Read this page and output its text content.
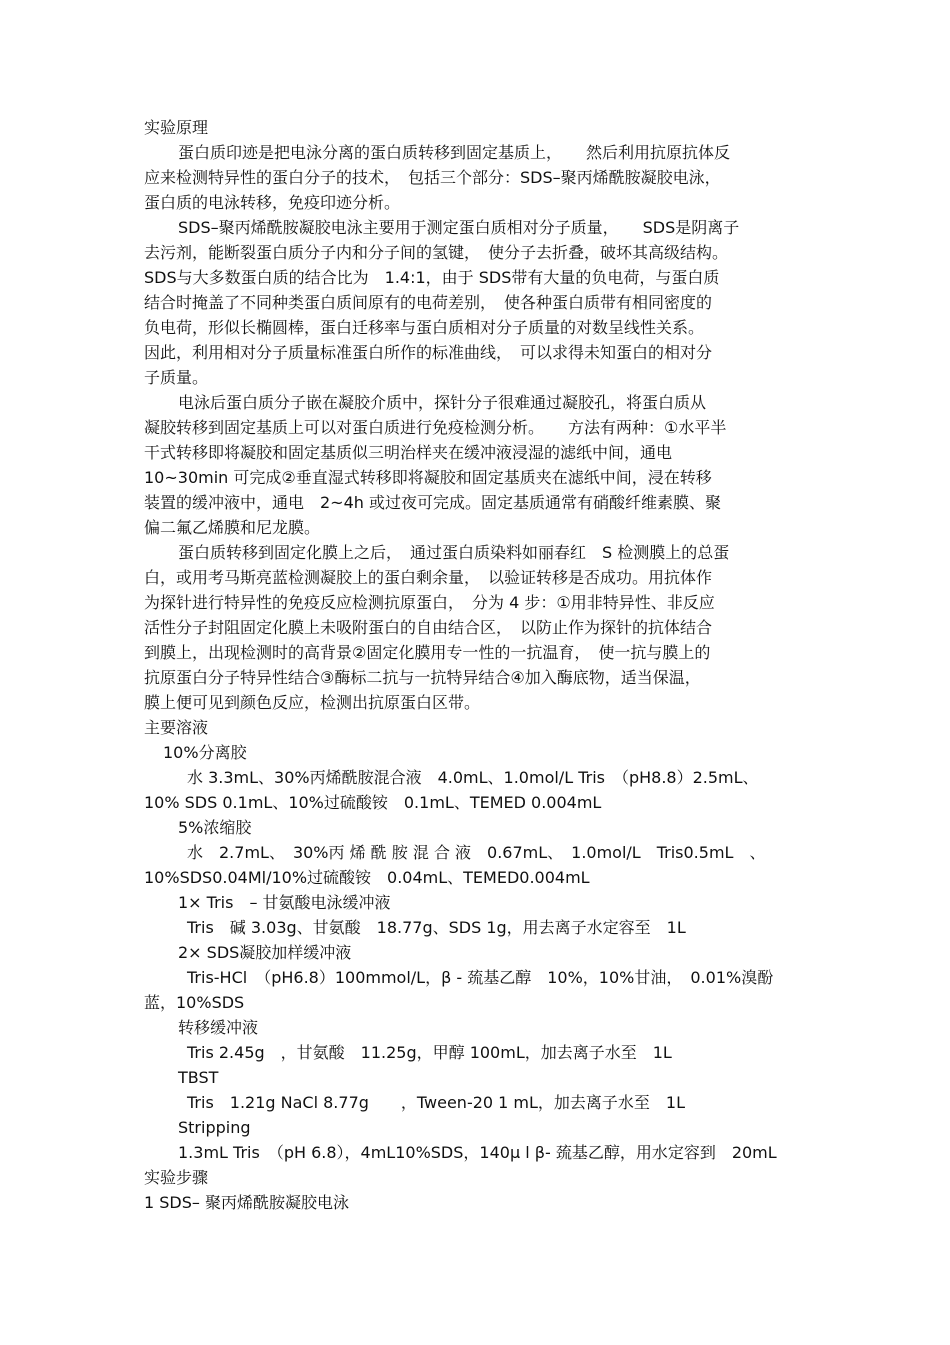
实验原理
蛋白质印迹是把电泳分离的蛋白质转移到固定基质上，　　然后利用抗原抗体反
应来检测特异性的蛋白分子的技术，　包括三个部分：SDS–聚丙烯酰胺凝胶电泳，
蛋白质的电泳转移，免疫印迹分析。
SDS–聚丙烯酰胺凝胶电泳主要用于测定蛋白质相对分子质量，　　SDS是阴离子
去污剂，能断裂蛋白质分子内和分子间的氢键，　使分子去折叠，破坏其高级结构。
SDS与大多数蛋白质的结合比为　1.4:1，由于 SDS带有大量的负电荷，与蛋白质
结合时掩盖了不同种类蛋白质间原有的电荷差别，　使各种蛋白质带有相同密度的
负电荷，形似长椭圆棒，蛋白迁移率与蛋白质相对分子质量的对数呈线性关系。
因此，利用相对分子质量标准蛋白所作的标准曲线，　可以求得未知蛋白的相对分
子质量。
电泳后蛋白质分子嵌在凝胶介质中，探针分子很难通过凝胶孔，将蛋白质从
凝胶转移到固定基质上可以对蛋白质进行免疫检测分析。　　方法有两种：①水平半
干式转移即将凝胶和固定基质似三明治样夹在缓冲液浸湿的滤纸中间，通电
10~30min 可完成②垂直湿式转移即将凝胶和固定基质夹在滤纸中间，浸在转移
装置的缓冲液中，通电　2~4h 或过夜可完成。固定基质通常有硝酸纤维素膜、聚
偏二氟乙烯膜和尼龙膜。
蛋白质转移到固定化膜上之后，　通过蛋白质染料如丽春红　S 检测膜上的总蛋
白，或用考马斯亮蓝检测凝胶上的蛋白剩余量，　以验证转移是否成功。用抗体作
为探针进行特异性的免疫反应检测抗原蛋白，　分为 4 步：①用非特异性、非反应
活性分子封阻固定化膜上未吸附蛋白的自由结合区，　以防止作为探针的抗体结合
到膜上，出现检测时的高背景②固定化膜用专一性的一抗温育，　使一抗与膜上的
抗原蛋白分子特异性结合③酶标二抗与一抗特异结合④加入酶底物，适当保温，
膜上便可见到颜色反应，检测出抗原蛋白区带。
主要溶液
10%分离胶
水 3.3mL、30%丙烯酰胺混合液　4.0mL、1.0mol/L Tris　（pH8.8）2.5mL、
10% SDS 0.1mL、10%过硫酸铵　0.1mL、TEMED 0.004mL
5%浓缩胶
水　2.7mL、　30%丙 烯 酰 胺 混 合 液　0.67mL、　1.0mol/L　Tris0.5mL　、
10%SDS0.04Ml/10%过硫酸铵　0.04mL、TEMED0.004mL
1× Tris　– 甘氨酸电泳缓冲液
Tris　碱 3.03g、甘氨酸　18.77g、SDS 1g，用去离子水定容至　1L
2× SDS凝胶加样缓冲液
Tris-HCl　（pH6.8）100mmol/L，β - 巯基乙醇　10%，10%甘油，　0.01%溴酚
蓝，10%SDS
转移缓冲液
Tris 2.45g　，甘氨酸　11.25g，甲醇 100mL，加去离子水至　1L
TBST
Tris　1.21g NaCl 8.77g　　，Tween-20 1 mL，加去离子水至　1L
Stripping
1.3mL Tris　（pH 6.8），4mL10%SDS，140μ l β- 巯基乙醇，用水定容到　20mL
实验步骤
1 SDS– 聚丙烯酰胺凝胶电泳
